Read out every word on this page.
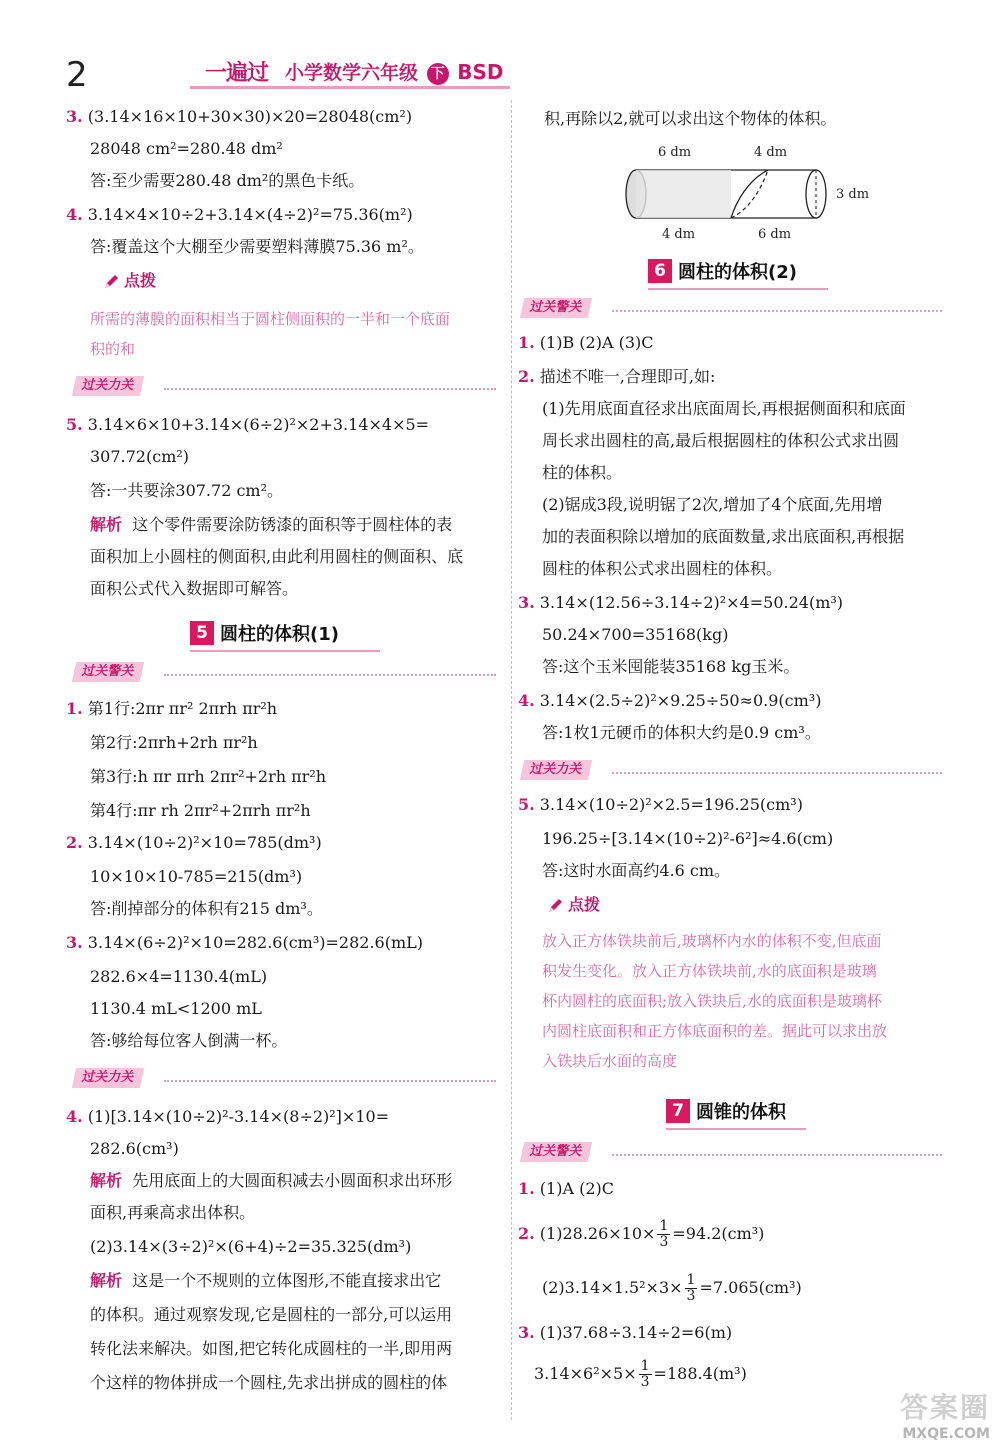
2	一遍过 小学数学六年级 下 BSD
3. (3.14×16×10+30×30)×20=28048(cm²)
28048 cm²=280.48 dm²
答:至少需要280.48 dm²的黑色卡纸。
4. 3.14×4×10÷2+3.14×(4÷2)²=75.36(m²)
答:覆盖这个大棚至少需要塑料薄膜75.36 m²。
点拨
所需的薄膜的面积相当于圆柱侧面积的一半和一个底面
积的和
过关力关
5. 3.14×6×10+3.14×(6÷2)²×2+3.14×4×5=
307.72(cm²)
答:一共要涂307.72 cm²。
解析 这个零件需要涂防锈漆的面积等于圆柱体的表
面积加上小圆柱的侧面积,由此利用圆柱的侧面积、底
面积公式代入数据即可解答。
5 圆柱的体积(1)
过关警关
1. 第1行:2πr πr² 2πrh πr²h
第2行:2πrh+2rh πr²h
第3行:h πr πrh 2πr²+2rh πr²h
第4行:πr rh 2πr²+2πrh πr²h
2. 3.14×(10÷2)²×10=785(dm³)
10×10×10-785=215(dm³)
答:削掉部分的体积有215 dm³。
3. 3.14×(6÷2)²×10=282.6(cm³)=282.6(mL)
282.6×4=1130.4(mL)
1130.4 mL<1200 mL
答:够给每位客人倒满一杯。
过关力关
4. (1)[3.14×(10÷2)²-3.14×(8÷2)²]×10=
282.6(cm³)
解析 先用底面上的大圆面积减去小圆面积求出环形
面积,再乘高求出体积。
(2)3.14×(3÷2)²×(6+4)÷2=35.325(dm³)
解析 这是一个不规则的立体图形,不能直接求出它
的体积。通过观察发现,它是圆柱的一部分,可以运用
转化法来解决。如图,把它转化成圆柱的一半,即用两
个这样的物体拼成一个圆柱,先求出拼成的圆柱的体
积,再除以2,就可以求出这个物体的体积。
6 dm	4 dm
3 dm
4 dm	6 dm
6 圆柱的体积(2)
过关警关
1. (1)B (2)A (3)C
2. 描述不唯一,合理即可,如:
(1)先用底面直径求出底面周长,再根据侧面积和底面
周长求出圆柱的高,最后根据圆柱的体积公式求出圆
柱的体积。
(2)锯成3段,说明锯了2次,增加了4个底面,先用增
加的表面积除以增加的底面数量,求出底面积,再根据
圆柱的体积公式求出圆柱的体积。
3. 3.14×(12.56÷3.14÷2)²×4=50.24(m³)
50.24×700=35168(kg)
答:这个玉米囤能装35168 kg玉米。
4. 3.14×(2.5÷2)²×9.25÷50≈0.9(cm³)
答:1枚1元硬币的体积大约是0.9 cm³。
过关力关
5. 3.14×(10÷2)²×2.5=196.25(cm³)
196.25÷[3.14×(10÷2)²-6²]≈4.6(cm)
答:这时水面高约4.6 cm。
点拨
放入正方体铁块前后,玻璃杯内水的体积不变,但底面
积发生变化。放入正方体铁块前,水的底面积是玻璃
杯内圆柱的底面积;放入铁块后,水的底面积是玻璃杯
内圆柱底面积和正方体底面积的差。据此可以求出放
入铁块后水面的高度
7 圆锥的体积
过关警关
1. (1)A (2)C
2. $(1)28.26\times 10\times \frac{1}{3} =94.2(cm^3)$
$(2)3.14\times 1.5^2\times 3\times \frac{1}{3} =7.065(cm^3)$
3. (1)37.68÷3.14÷2=6(m)
$3.14\times 6^2\times 5\times \frac{1}{3} =188.4(m^3)$
答案圈
MXQE.COM
